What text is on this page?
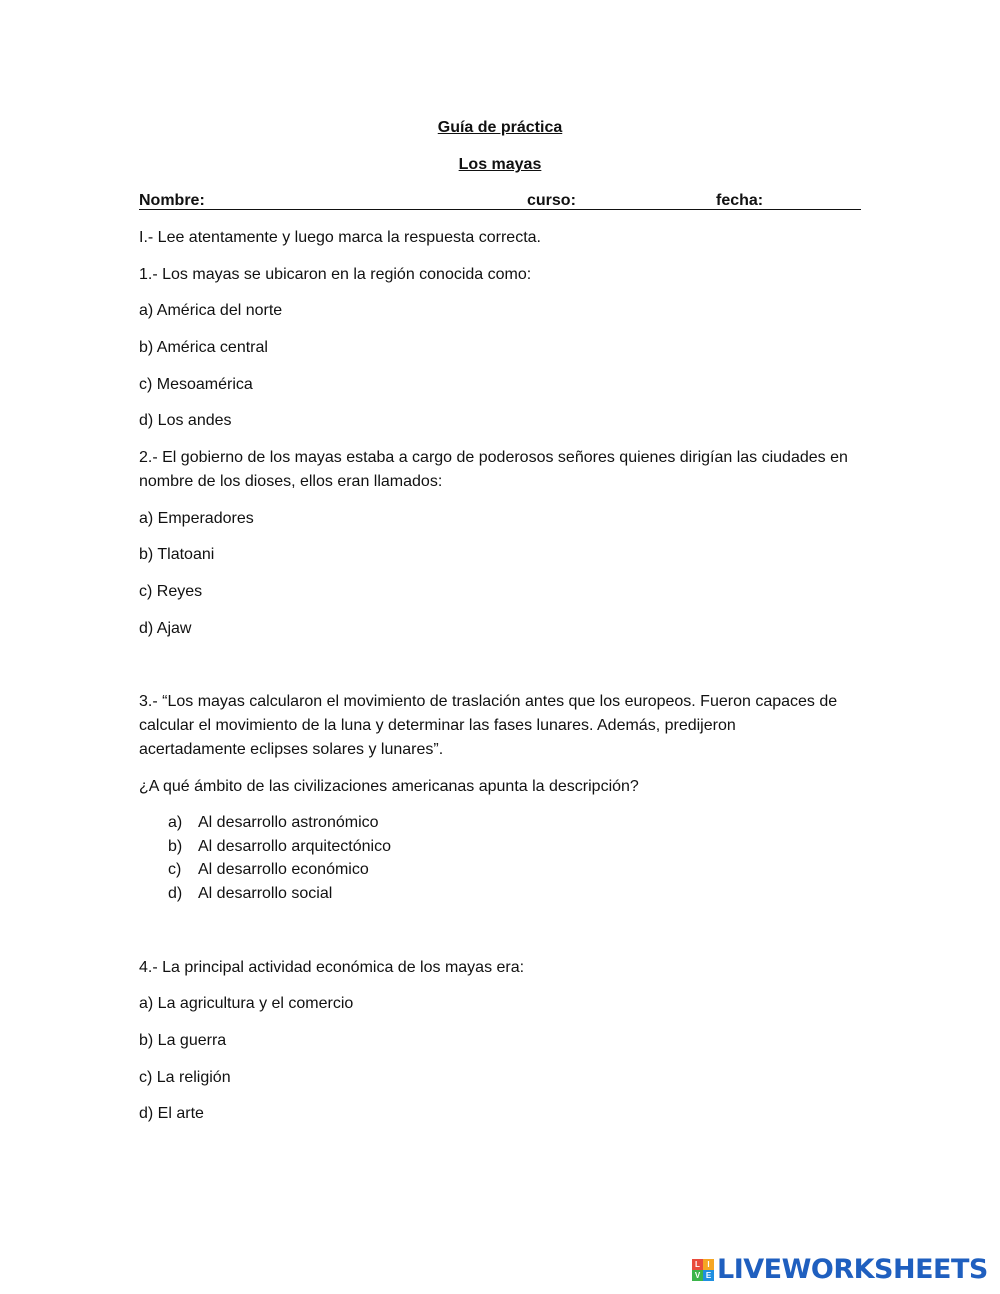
Guía de práctica
Los mayas
Nombre:	curso:	fecha:
I.- Lee atentamente y luego marca la respuesta correcta.
1.- Los mayas se ubicaron en la región conocida como:
a) América del norte
b) América central
c) Mesoamérica
d) Los andes
2.- El gobierno de los mayas estaba a cargo de poderosos señores quienes dirigían las ciudades en
nombre de los dioses, ellos eran llamados:
a) Emperadores
b) Tlatoani
c) Reyes
d) Ajaw
3.- “Los mayas calcularon el movimiento de traslación antes que los europeos. Fueron capaces de
calcular el movimiento de la luna y determinar las fases lunares. Además, predijeron
acertadamente eclipses solares y lunares”.
¿A qué ámbito de las civilizaciones americanas apunta la descripción?
a) Al desarrollo astronómico
b) Al desarrollo arquitectónico
c) Al desarrollo económico
d) Al desarrollo social
4.- La principal actividad económica de los mayas era:
a) La agricultura y el comercio
b) La guerra
c) La religión
d) El arte
L I
V E LIVEWORKSHEETS
